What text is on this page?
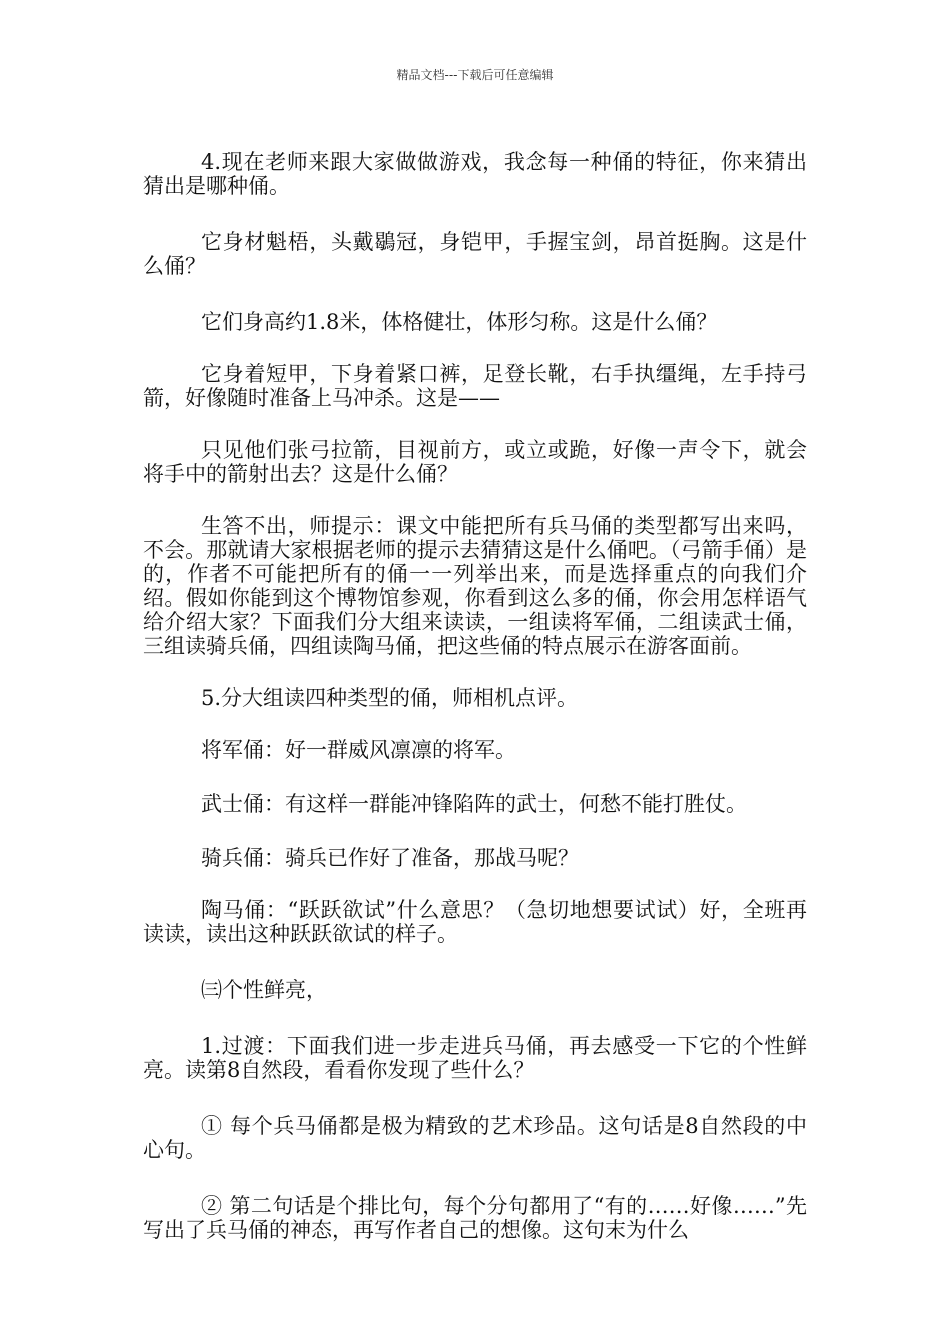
精品文档---下载后可任意编辑

4.现在老师来跟大家做做游戏，我念每一种俑的特征，你来猜出猜出是哪种俑。

它身材魁梧，头戴鶡冠，身铠甲，手握宝剑，昂首挺胸。这是什么俑？

它们身高约1.8米，体格健壮，体形匀称。这是什么俑？

它身着短甲，下身着紧口裤，足登长靴，右手执缰绳，左手持弓箭，好像随时准备上马冲杀。这是——

只见他们张弓拉箭，目视前方，或立或跪，好像一声令下，就会将手中的箭射出去？这是什么俑？

生答不出，师提示：课文中能把所有兵马俑的类型都写出来吗，不会。那就请大家根据老师的提示去猜猜这是什么俑吧。（弓箭手俑）是的，作者不可能把所有的俑一一列举出来，而是选择重点的向我们介绍。假如你能到这个博物馆参观，你看到这么多的俑，你会用怎样语气给介绍大家？下面我们分大组来读读，一组读将军俑，二组读武士俑，三组读骑兵俑，四组读陶马俑，把这些俑的特点展示在游客面前。

5.分大组读四种类型的俑，师相机点评。

将军俑：好一群威风凛凛的将军。

武士俑：有这样一群能冲锋陷阵的武士，何愁不能打胜仗。

骑兵俑：骑兵已作好了准备，那战马呢？

陶马俑：“跃跃欲试”什么意思？（急切地想要试试）好，全班再读读，读出这种跃跃欲试的样子。

㈢个性鲜亮，

1.过渡：下面我们进一步走进兵马俑，再去感受一下它的个性鲜亮。读第8自然段，看看你发现了些什么？

① 每个兵马俑都是极为精致的艺术珍品。这句话是8自然段的中心句。

② 第二句话是个排比句，每个分句都用了“有的……好像……”先写出了兵马俑的神态，再写作者自己的想像。这句末为什么
